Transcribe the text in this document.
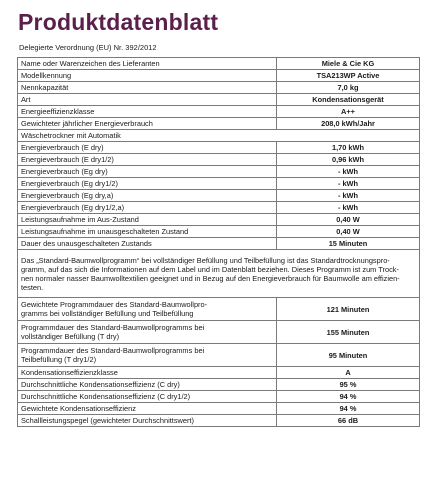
Produktdatenblatt
Delegierte Verordnung (EU) Nr. 392/2012
Name oder Warenzeichen des Lieferanten	Miele & Cie KG
Modellkennung	TSA213WP Active
Nennkapazität	7,0 kg
Art	Kondensationsgerät
Energieeffizienzklasse	A++
Gewichteter jährlicher Energieverbrauch	208,0 kWh/Jahr
Wäschetrockner mit Automatik	
Energieverbrauch (E dry)	1,70 kWh
Energieverbrauch (E dry1/2)	0,96 kWh
Energieverbrauch (Eg dry)	- kWh
Energieverbrauch (Eg dry1/2)	- kWh
Energieverbrauch (Eg dry,a)	- kWh
Energieverbrauch (Eg dry1/2,a)	- kWh
Leistungsaufnahme im Aus-Zustand	0,40 W
Leistungsaufnahme im unausgeschalteten Zustand	0,40 W
Dauer des unausgeschalteten Zustands	15 Minuten

Das „Standard-Baumwollprogramm“ bei vollständiger Befüllung und Teilbefüllung ist das Standardtrocknungspro-
gramm, auf das sich die Informationen auf dem Label und im Datenblatt beziehen. Dieses Programm ist zum Trock-
nen normaler nasser Baumwolltextilien geeignet und in Bezug auf den Energieverbrauch für Baumwolle am effizien-
testen.	

Gewichtete Programmdauer des Standard-Baumwollpro-
gramms bei vollständiger Befüllung und Teilbefüllung	121 Minuten

Programmdauer des Standard-Baumwollprogramms bei
vollständiger Befüllung (T dry)	155 Minuten

Programmdauer des Standard-Baumwollprogramms bei
Teilbefüllung (T dry1/2)	95 Minuten
Kondensationseffizienzklasse	A
Durchschnittliche Kondensationseffizienz (C dry)	95 %
Durchschnittliche Kondensationseffizienz (C dry1/2)	94 %
Gewichtete Kondensationseffizienz	94 %
Schallleistungspegel (gewichteter Durchschnittswert)	66 dB
